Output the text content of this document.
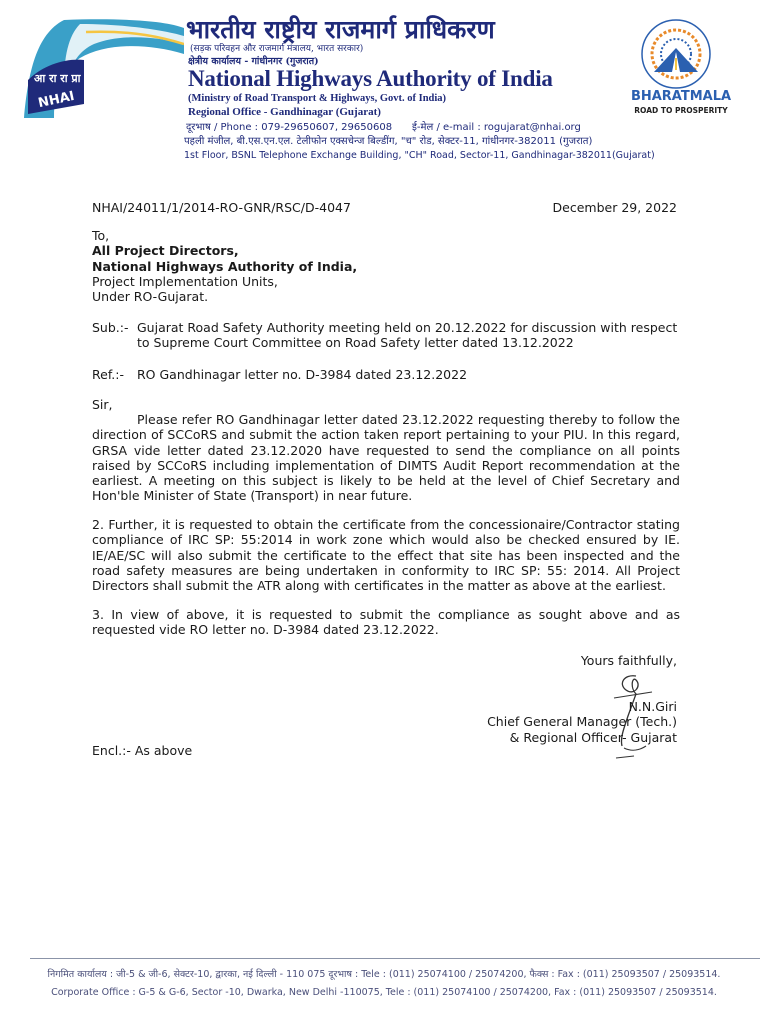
आ रा रा प्रा
NHAI
भारतीय राष्ट्रीय राजमार्ग प्राधिकरण
(सड़क परिवहन और राजमार्ग मंत्रालय, भारत सरकार)
क्षेत्रीय कार्यालय - गांधीनगर (गुजरात)
National Highways Authority of India
(Ministry of Road Transport & Highways, Govt. of India)
Regional Office - Gandhinagar (Gujarat)
दूरभाष / Phone : 079-29650607, 29650608 ई-मेल / e-mail : rogujarat@nhai.org
पहली मंजील, बी.एस.एन.एल. टेलीफोन एक्सचेन्ज बिल्डींग, "च" रोड, सेक्टर-11, गांधीनगर-382011 (गुजरात)
1st Floor, BSNL Telephone Exchange Building, "CH" Road, Sector-11, Gandhinagar-382011(Gujarat)
BHARATMALA
ROAD TO PROSPERITY
NHAI/24011/1/2014-RO-GNR/RSC/D-4047	December 29, 2022
To,
All Project Directors,
National Highways Authority of India,
Project Implementation Units,
Under RO-Gujarat.
Sub.:- Gujarat Road Safety Authority meeting held on 20.12.2022 for discussion with respect
to Supreme Court Committee on Road Safety letter dated 13.12.2022
Ref.:- RO Gandhinagar letter no. D-3984 dated 23.12.2022
Sir,
Please refer RO Gandhinagar letter dated 23.12.2022 requesting thereby to follow the direction of SCCoRS and submit the action taken report pertaining to your PIU. In this regard, GRSA vide letter dated 23.12.2020 have requested to send the compliance on all points raised by SCCoRS including implementation of DIMTS Audit Report recommendation at the earliest. A meeting on this subject is likely to be held at the level of Chief Secretary and Hon'ble Minister of State (Transport) in near future.
2. Further, it is requested to obtain the certificate from the concessionaire/Contractor stating compliance of IRC SP: 55:2014 in work zone which would also be checked ensured by IE. IE/AE/SC will also submit the certificate to the effect that site has been inspected and the road safety measures are being undertaken in conformity to IRC SP: 55: 2014. All Project Directors shall submit the ATR along with certificates in the matter as above at the earliest.
3. In view of above, it is requested to submit the compliance as sought above and as requested vide RO letter no. D-3984 dated 23.12.2022.
Yours faithfully,
N.N.Giri
Chief General Manager (Tech.)
& Regional Officer- Gujarat
Encl.:- As above
निगमित कार्यालय : जी-5 & जी-6, सेक्टर-10, द्वारका, नई दिल्ली - 110 075 दूरभाष : Tele : (011) 25074100 / 25074200, फैक्स : Fax : (011) 25093507 / 25093514.
Corporate Office : G-5 & G-6, Sector -10, Dwarka, New Delhi -110075, Tele : (011) 25074100 / 25074200, Fax : (011) 25093507 / 25093514.
